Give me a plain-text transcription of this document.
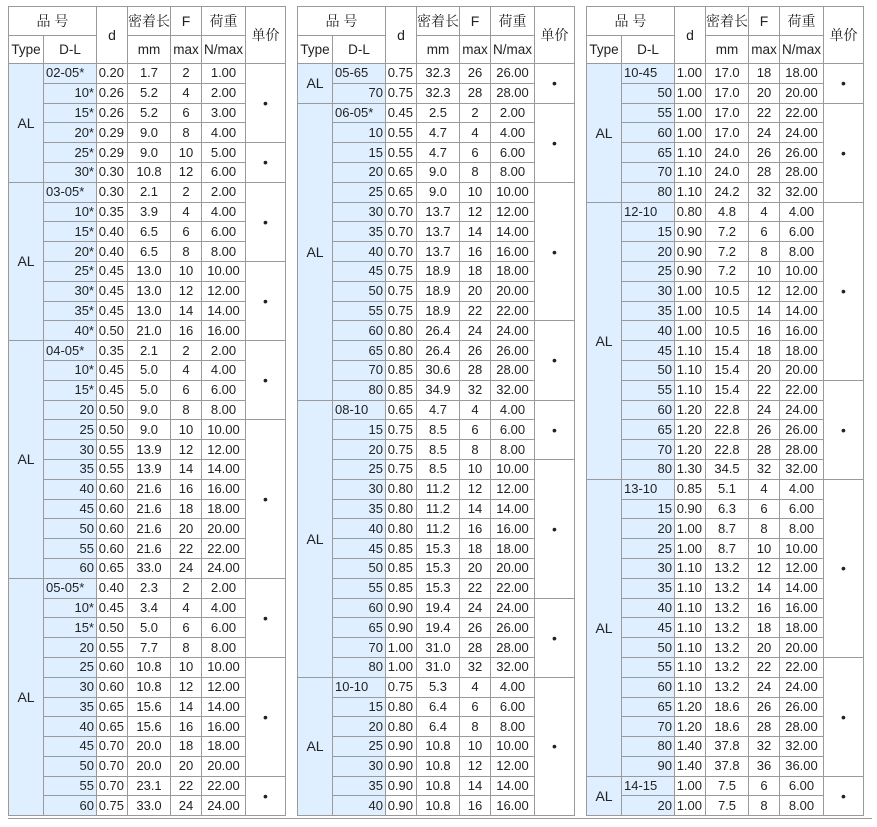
品 号		d	密着长	F	荷重	单价
Type	D-L		mm	max	N/max	
AL	02-05*	0.20	1.7	2	1.00	•
	10*	0.26	5.2	4	2.00	
	15*	0.26	5.2	6	3.00	
	20*	0.29	9.0	8	4.00	
	25*	0.29	9.0	10	5.00	•
	30*	0.30	10.8	12	6.00	
AL	03-05*	0.30	2.1	2	2.00	•
	10*	0.35	3.9	4	4.00	
	15*	0.40	6.5	6	6.00	
	20*	0.40	6.5	8	8.00	
	25*	0.45	13.0	10	10.00	•
	30*	0.45	13.0	12	12.00	
	35*	0.45	13.0	14	14.00	
	40*	0.50	21.0	16	16.00	
AL	04-05*	0.35	2.1	2	2.00	•
	10*	0.45	5.0	4	4.00	
	15*	0.45	5.0	6	6.00	
	20	0.50	9.0	8	8.00	
	25	0.50	9.0	10	10.00	•
	30	0.55	13.9	12	12.00	
	35	0.55	13.9	14	14.00	
	40	0.60	21.6	16	16.00	
	45	0.60	21.6	18	18.00	
	50	0.60	21.6	20	20.00	
	55	0.60	21.6	22	22.00	
	60	0.65	33.0	24	24.00	
AL	05-05*	0.40	2.3	2	2.00	•
	10*	0.45	3.4	4	4.00	
	15*	0.50	5.0	6	6.00	
	20	0.55	7.7	8	8.00	
	25	0.60	10.8	10	10.00	•
	30	0.60	10.8	12	12.00	
	35	0.65	15.6	14	14.00	
	40	0.65	15.6	16	16.00	
	45	0.70	20.0	18	18.00	
	50	0.70	20.0	20	20.00	
	55	0.70	23.1	22	22.00	•
	60	0.75	33.0	24	24.00	
品 号		d	密着长	F	荷重	单价
Type	D-L		mm	max	N/max	
AL	05-65	0.75	32.3	26	26.00	•
	70	0.75	32.3	28	28.00	
AL	06-05*	0.45	2.5	2	2.00	•
	10	0.55	4.7	4	4.00	
	15	0.55	4.7	6	6.00	
	20	0.65	9.0	8	8.00	
	25	0.65	9.0	10	10.00	•
	30	0.70	13.7	12	12.00	
	35	0.70	13.7	14	14.00	
	40	0.70	13.7	16	16.00	
	45	0.75	18.9	18	18.00	
	50	0.75	18.9	20	20.00	
	55	0.75	18.9	22	22.00	
	60	0.80	26.4	24	24.00	•
	65	0.80	26.4	26	26.00	
	70	0.85	30.6	28	28.00	
	80	0.85	34.9	32	32.00	
AL	08-10	0.65	4.7	4	4.00	•
	15	0.75	8.5	6	6.00	
	20	0.75	8.5	8	8.00	
	25	0.75	8.5	10	10.00	•
	30	0.80	11.2	12	12.00	
	35	0.80	11.2	14	14.00	
	40	0.80	11.2	16	16.00	
	45	0.85	15.3	18	18.00	
	50	0.85	15.3	20	20.00	
	55	0.85	15.3	22	22.00	
	60	0.90	19.4	24	24.00	•
	65	0.90	19.4	26	26.00	
	70	1.00	31.0	28	28.00	
	80	1.00	31.0	32	32.00	
AL	10-10	0.75	5.3	4	4.00	•
	15	0.80	6.4	6	6.00	
	20	0.80	6.4	8	8.00	
	25	0.90	10.8	10	10.00	
	30	0.90	10.8	12	12.00	
	35	0.90	10.8	14	14.00	
	40	0.90	10.8	16	16.00	
品 号		d	密着长	F	荷重	单价
Type	D-L		mm	max	N/max	
AL	10-45	1.00	17.0	18	18.00	•
	50	1.00	17.0	20	20.00	
	55	1.00	17.0	22	22.00	•
	60	1.00	17.0	24	24.00	
	65	1.10	24.0	26	26.00	
	70	1.10	24.0	28	28.00	
	80	1.10	24.2	32	32.00	
AL	12-10	0.80	4.8	4	4.00	•
	15	0.90	7.2	6	6.00	
	20	0.90	7.2	8	8.00	
	25	0.90	7.2	10	10.00	
	30	1.00	10.5	12	12.00	
	35	1.00	10.5	14	14.00	
	40	1.00	10.5	16	16.00	
	45	1.10	15.4	18	18.00	
	50	1.10	15.4	20	20.00	
	55	1.10	15.4	22	22.00	•
	60	1.20	22.8	24	24.00	
	65	1.20	22.8	26	26.00	
	70	1.20	22.8	28	28.00	
	80	1.30	34.5	32	32.00	
AL	13-10	0.85	5.1	4	4.00	•
	15	0.90	6.3	6	6.00	
	20	1.00	8.7	8	8.00	
	25	1.00	8.7	10	10.00	
	30	1.10	13.2	12	12.00	
	35	1.10	13.2	14	14.00	
	40	1.10	13.2	16	16.00	
	45	1.10	13.2	18	18.00	
	50	1.10	13.2	20	20.00	
	55	1.10	13.2	22	22.00	•
	60	1.10	13.2	24	24.00	
	65	1.20	18.6	26	26.00	
	70	1.20	18.6	28	28.00	
	80	1.40	37.8	32	32.00	
	90	1.40	37.8	36	36.00	
AL	14-15	1.00	7.5	6	6.00	•
	20	1.00	7.5	8	8.00	
